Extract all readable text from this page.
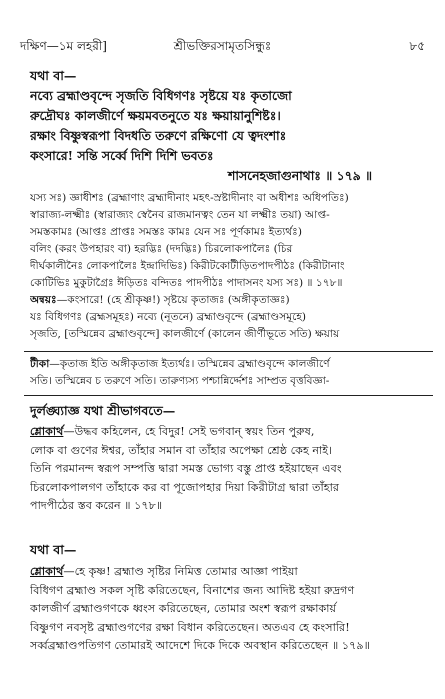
দক্ষিণ—১ম লহরী]	শ্রীভক্তিরসামৃতসিন্ধুঃ	৮৫
যথা বা—
নব্যে ব্রহ্মাণ্ডবৃন্দে সৃজতি বিধিগণঃ সৃষ্টয়ে যঃ কৃতাজো
রুদ্রৌঘঃ কালজীর্ণে ক্ষয়মবতনুতে যঃ ক্ষয়ায়ানুশিষ্টঃ।
রক্ষাং বিষ্ণুস্বরূপা বিদধতি তরুণে রক্ষিণো যে ত্বদংশাঃ
কংসারে! সন্তি সর্ব্বে দিশি দিশি ভবতঃ
শাসনেহজাগুনাথাঃ ॥ ১৭৯ ॥
যস্য সঃ) জ্ঞাধীশঃ (ব্রহ্মাণাং ব্রহ্মাদীনাং মহৎ-স্রষ্টাদীনাং বা অধীশঃ অধিপতিঃ)
স্বারাজ্য-লক্ষ্মীঃ (স্বারাজ্যং স্বেনৈব রাজমানত্বং তেন যা লক্ষ্মীঃ তয়া) আপ্ত-
সমস্তকামঃ (আপ্তঃ প্রাপ্তঃ সমস্তঃ কামঃ যেন সঃ পূর্ণকামঃ ইত্যর্থঃ)
বলিং (করং উপহারং বা) হরদ্ভিঃ (দদদ্ভিঃ) চিরলোকপালৈঃ (চির
দীর্ঘকালীনৈঃ লোকপালৈঃ ইন্দ্রাদিভিঃ) কিরীটকোটীড়িতপাদপীঠঃ (কিরীটানাং
কোটিভিঃ মুকুটাগ্রৈঃ ঈড়িতঃ বন্দিতঃ পাদপীঠঃ পাদাসনং যস্য সঃ) ॥ ১৭৮॥
অন্বয়ঃ—কংসারে! (হে শ্রীকৃষ্ণ!) সৃষ্টয়ে কৃতাজঃ (অঙ্গীকৃতাজ্ঞঃ)
যঃ বিধিগণঃ (ব্রহ্মসমূহঃ) নব্যে (নূতনে) ব্রহ্মাণ্ডবৃন্দে (ব্রহ্মাণ্ডসমূহে)
সৃজতি, [তস্মিন্নেব ব্রহ্মাণ্ডবৃন্দে] কালজীর্ণে (কালেন জীর্ণীভূতে সতি) ক্ষয়ায়
টীকা—কৃতাজ ইতি অঙ্গীকৃতাজ ইত্যর্থঃ। তস্মিন্নেব ব্রহ্মাণ্ডবৃন্দে কালজীর্ণে
সতি। তস্মিন্নেব চ তরুণে সতি। তারুণ্যস্য পশ্চান্নির্দ্দেশঃ সাম্প্রত বৃত্তবিজ্ঞা-
দুর্লঙ্ঘ্যাজ্ঞ যথা শ্রীভাগবতে—
শ্লোকার্থ—উদ্ধব কহিলেন, হে বিদুর! সেই ভগবান্ স্বয়ং তিন পুরুষ,
লোক বা গুণের ঈশ্বর, তাঁহার সমান বা তাঁহার অপেক্ষা শ্রেষ্ঠ কেহ নাই।
তিনি পরমানন্দ স্বরূপ সম্পত্তি দ্বারা সমস্ত ভোগ্য বস্তু প্রাপ্ত হইয়াছেন এবং
চিরলোকপালগণ তাঁহাকে কর বা পূজোপহার দিয়া কিরীটাগ্র দ্বারা তাঁহার
পাদপীঠের স্তব করেন ॥ ১৭৮॥
যথা বা—
শ্লোকার্থ—হে কৃষ্ণ! ব্রহ্মাণ্ড সৃষ্টির নিমিত্ত তোমার আজ্ঞা পাইয়া
বিধিগণ ব্রহ্মাণ্ড সকল সৃষ্টি করিতেছেন, বিনাশের জন্য আদিষ্ট হইয়া রুদ্রগণ
কালজীর্ণ ব্রহ্মাণ্ডগণকে ধ্বংস করিতেছেন, তোমার অংশ স্বরূপ রক্ষাকার্য়
বিষ্ণুগণ নবসৃষ্ট ব্রহ্মাণ্ডগণের রক্ষা বিধান করিতেছেন। অতএব হে কংসারি!
সর্ব্বব্রহ্মাণ্ডপতিগণ তোমারই আদেশে দিকে দিকে অবস্থান করিতেছেন ॥ ১৭৯॥
